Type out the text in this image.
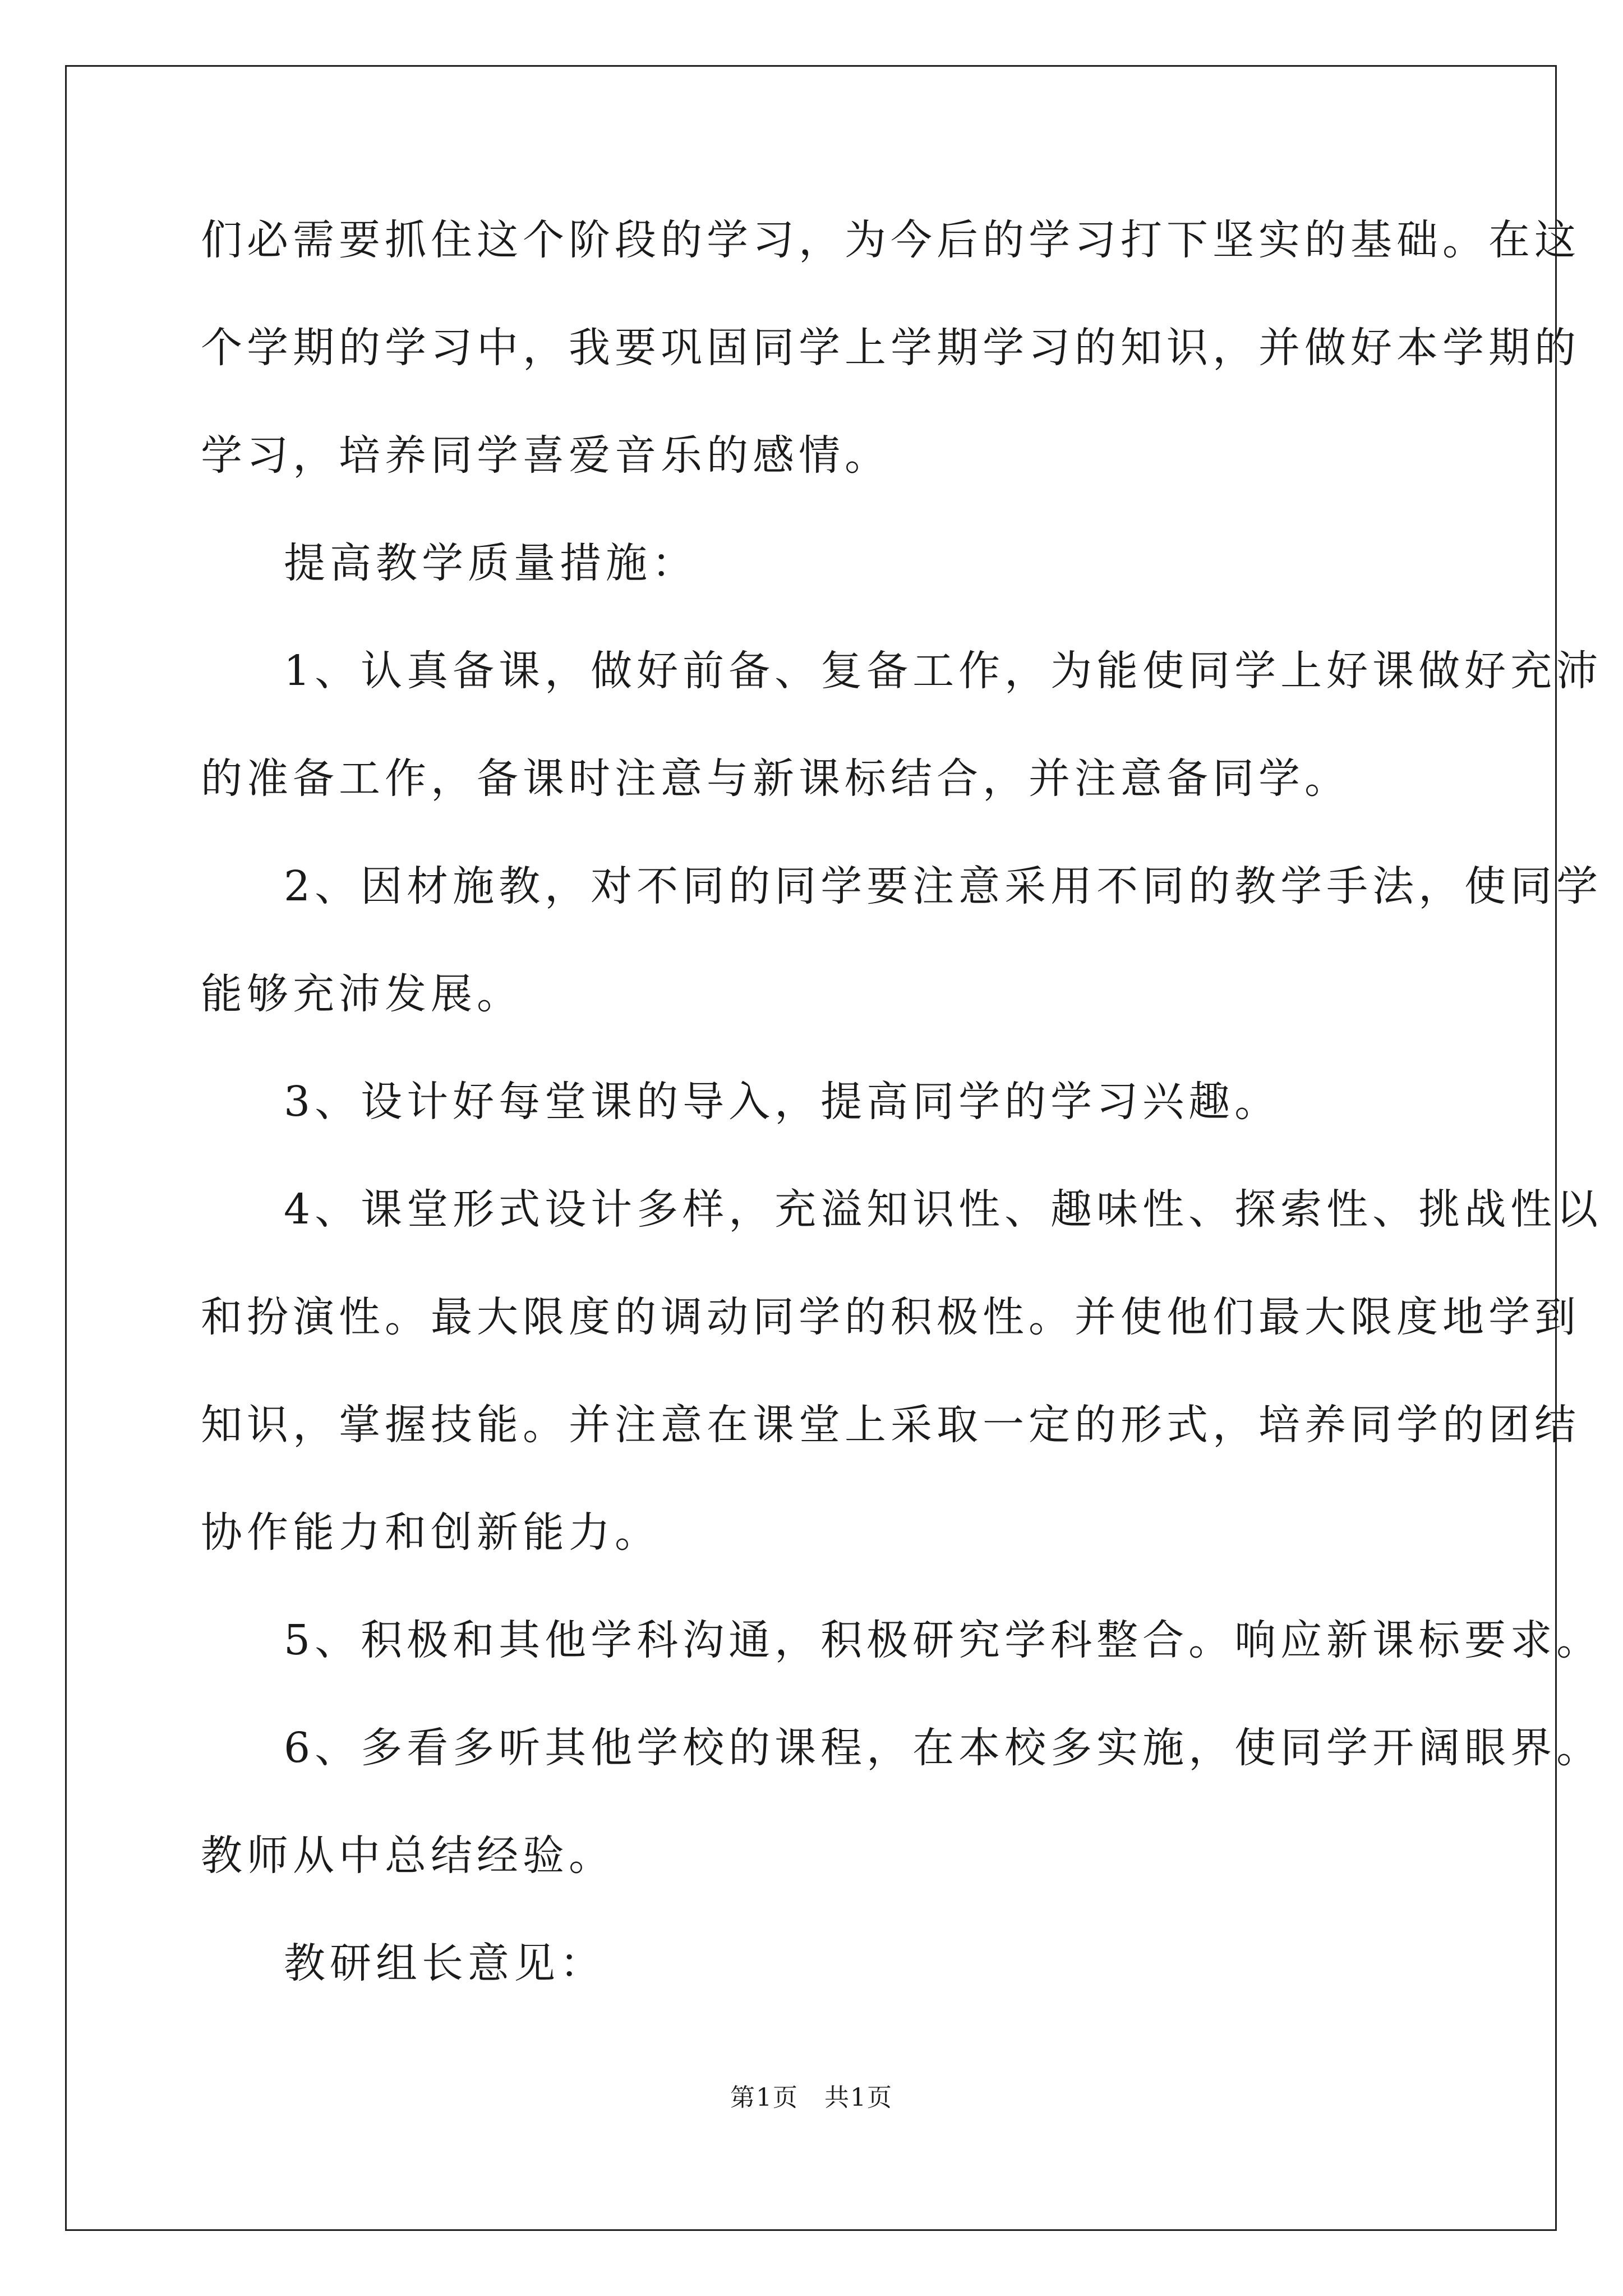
们必需要抓住这个阶段的学习，为今后的学习打下坚实的基础。在这

个学期的学习中，我要巩固同学上学期学习的知识，并做好本学期的

学习，培养同学喜爱音乐的感情。

提高教学质量措施：

1、认真备课，做好前备、复备工作，为能使同学上好课做好充沛

的准备工作，备课时注意与新课标结合，并注意备同学。

2、因材施教，对不同的同学要注意采用不同的教学手法，使同学

能够充沛发展。

3、设计好每堂课的导入，提高同学的学习兴趣。

4、课堂形式设计多样，充溢知识性、趣味性、探索性、挑战性以

和扮演性。最大限度的调动同学的积极性。并使他们最大限度地学到

知识，掌握技能。并注意在课堂上采取一定的形式，培养同学的团结

协作能力和创新能力。

5、积极和其他学科沟通，积极研究学科整合。响应新课标要求。

6、多看多听其他学校的课程，在本校多实施，使同学开阔眼界。

教师从中总结经验。

教研组长意见：

第1页　共1页
